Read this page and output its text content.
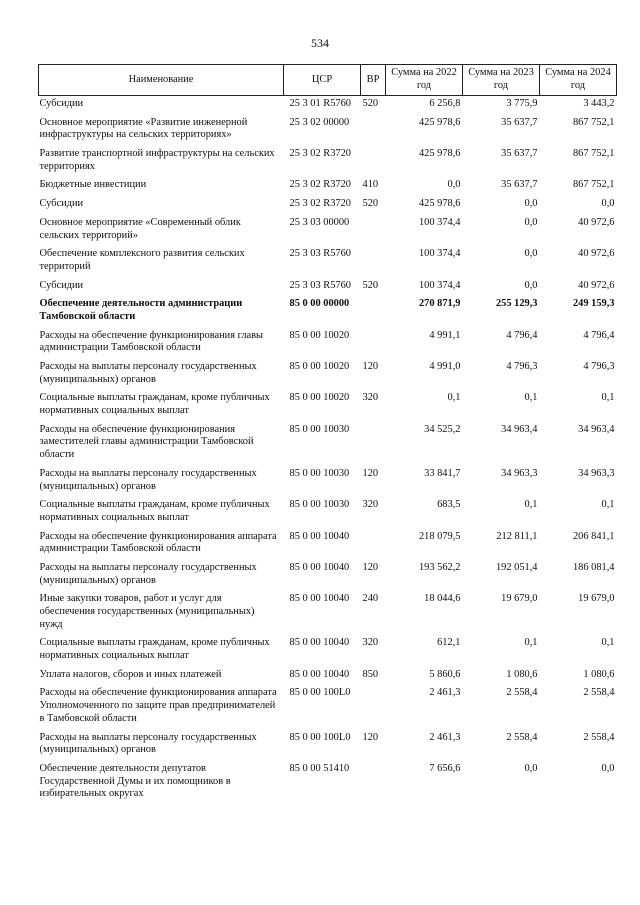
534
Наименование	ЦСР	ВР	Сумма на 2022 год	Сумма на 2023 год	Сумма на 2024 год
Субсидии	25 3 01 R5760	520	6 256,8	3 775,9	3 443,2
Основное мероприятие «Развитие инженерной инфраструктуры на сельских территориях»	25 3 02 00000		425 978,6	35 637,7	867 752,1
Развитие транспортной инфраструктуры на сельских территориях	25 3 02 R3720		425 978,6	35 637,7	867 752,1
Бюджетные инвестиции	25 3 02 R3720	410	0,0	35 637,7	867 752,1
Субсидии	25 3 02 R3720	520	425 978,6	0,0	0,0
Основное мероприятие «Современный облик сельских территорий»	25 3 03 00000		100 374,4	0,0	40 972,6
Обеспечение комплексного развития сельских территорий	25 3 03 R5760		100 374,4	0,0	40 972,6
Субсидии	25 3 03 R5760	520	100 374,4	0,0	40 972,6
Обеспечение деятельности администрации Тамбовской области	85 0 00 00000		270 871,9	255 129,3	249 159,3
Расходы на обеспечение функционирования главы администрации Тамбовской области	85 0 00 10020		4 991,1	4 796,4	4 796,4
Расходы на выплаты персоналу государственных (муниципальных) органов	85 0 00 10020	120	4 991,0	4 796,3	4 796,3
Социальные выплаты гражданам, кроме публичных нормативных социальных выплат	85 0 00 10020	320	0,1	0,1	0,1
Расходы на обеспечение функционирования заместителей главы администрации Тамбовской области	85 0 00 10030		34 525,2	34 963,4	34 963,4
Расходы на выплаты персоналу государственных (муниципальных) органов	85 0 00 10030	120	33 841,7	34 963,3	34 963,3
Социальные выплаты гражданам, кроме публичных нормативных социальных выплат	85 0 00 10030	320	683,5	0,1	0,1
Расходы на обеспечение функционирования аппарата администрации Тамбовской области	85 0 00 10040		218 079,5	212 811,1	206 841,1
Расходы на выплаты персоналу государственных (муниципальных) органов	85 0 00 10040	120	193 562,2	192 051,4	186 081,4
Иные закупки товаров, работ и услуг для обеспечения государственных (муниципальных) нужд	85 0 00 10040	240	18 044,6	19 679,0	19 679,0
Социальные выплаты гражданам, кроме публичных нормативных социальных выплат	85 0 00 10040	320	612,1	0,1	0,1
Уплата налогов, сборов и иных платежей	85 0 00 10040	850	5 860,6	1 080,6	1 080,6
Расходы на обеспечение функционирования аппарата Уполномоченного по защите прав предпринимателей в Тамбовской области	85 0 00 100L0		2 461,3	2 558,4	2 558,4
Расходы на выплаты персоналу государственных (муниципальных) органов	85 0 00 100L0	120	2 461,3	2 558,4	2 558,4
Обеспечение деятельности депутатов Государственной Думы и их помощников в избирательных округах	85 0 00 51410		7 656,6	0,0	0,0
